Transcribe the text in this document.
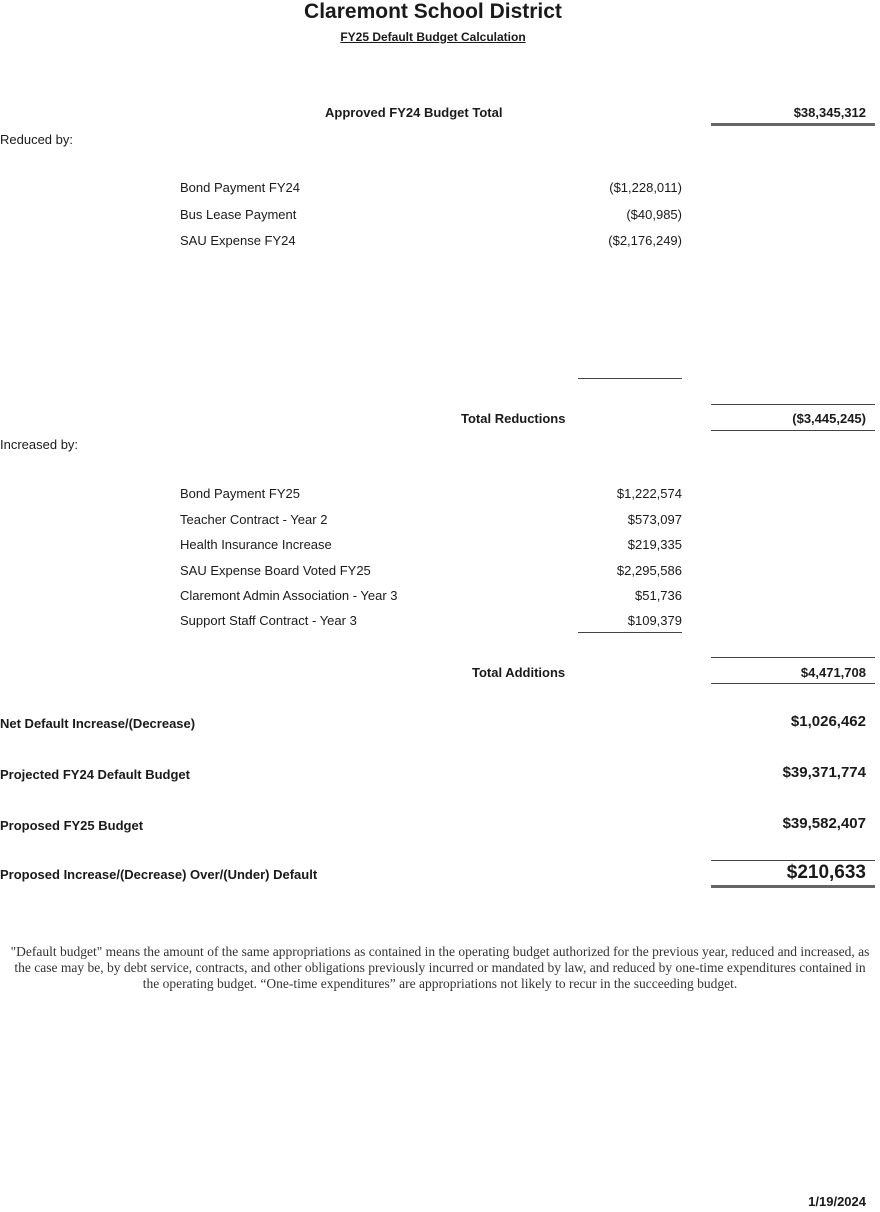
Claremont School District
FY25 Default Budget Calculation
Approved FY24 Budget Total	$38,345,312
Reduced by:
Bond Payment FY24	($1,228,011)
Bus Lease Payment	($40,985)
SAU Expense FY24	($2,176,249)
Total Reductions	($3,445,245)
Increased by:
Bond Payment FY25	$1,222,574
Teacher Contract - Year 2	$573,097
Health Insurance Increase	$219,335
SAU Expense Board Voted FY25	$2,295,586
Claremont Admin Association - Year 3	$51,736
Support Staff Contract - Year 3	$109,379
Total Additions	$4,471,708
Net Default Increase/(Decrease)	$1,026,462
Projected FY24 Default Budget	$39,371,774
Proposed FY25 Budget	$39,582,407
Proposed Increase/(Decrease) Over/(Under) Default	$210,633

"Default budget" means the amount of the same appropriations as contained in the operating budget authorized for the previous year, reduced and increased, as the case may be, by debt service, contracts, and other obligations previously incurred or mandated by law, and reduced by one-time expenditures contained in the operating budget. “One-time expenditures” are appropriations not likely to recur in the succeeding budget.

1/19/2024
